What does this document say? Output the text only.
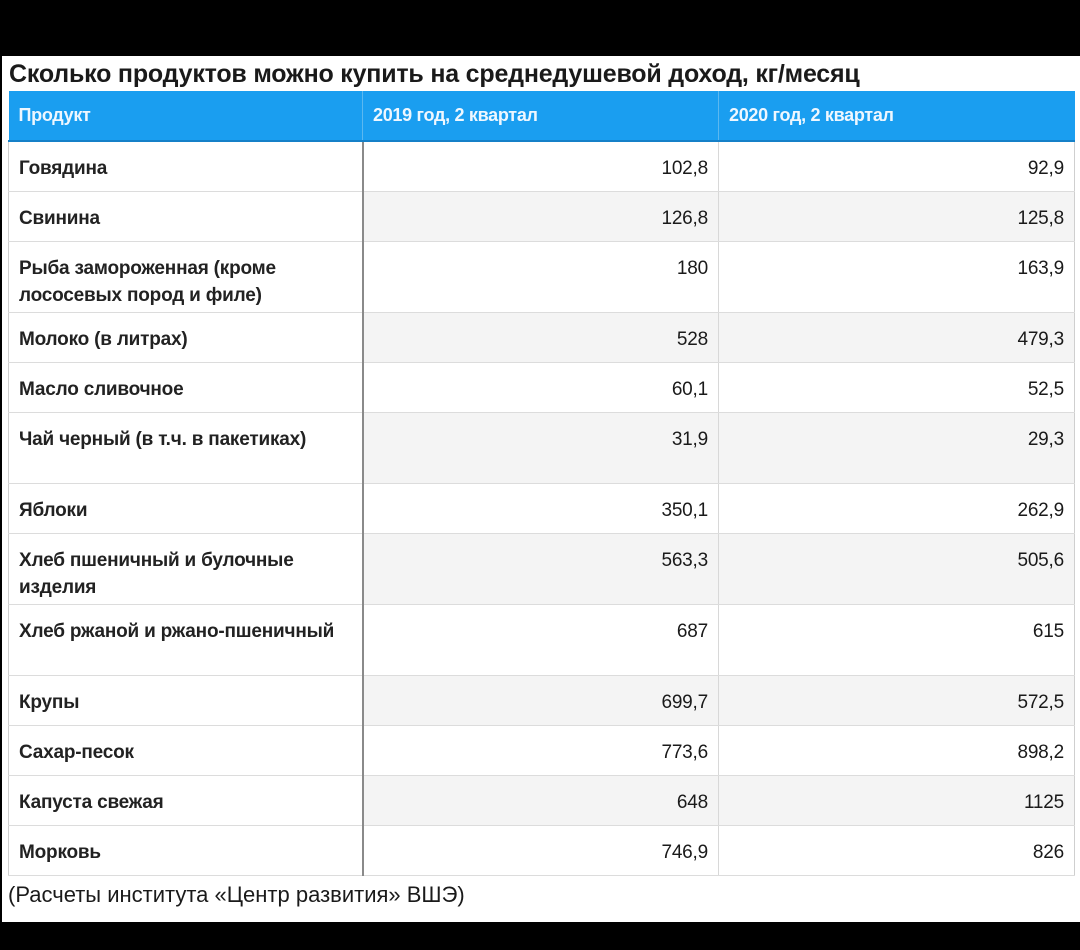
Сколько продуктов можно купить на среднедушевой доход, кг/месяц
Продукт	2019 год, 2 квартал	2020 год, 2 квартал
Говядина	102,8	92,9
Свинина	126,8	125,8
Рыба замороженная (кроме лососевых пород и филе)	180	163,9
Молоко (в литрах)	528	479,3
Масло сливочное	60,1	52,5
Чай черный (в т.ч. в пакетиках)	31,9	29,3
Яблоки	350,1	262,9
Хлеб пшеничный и булочные изделия	563,3	505,6
Хлеб ржаной и ржано-пшеничный	687	615
Крупы	699,7	572,5
Сахар-песок	773,6	898,2
Капуста свежая	648	1125
Морковь	746,9	826
(Расчеты института «Центр развития» ВШЭ)
